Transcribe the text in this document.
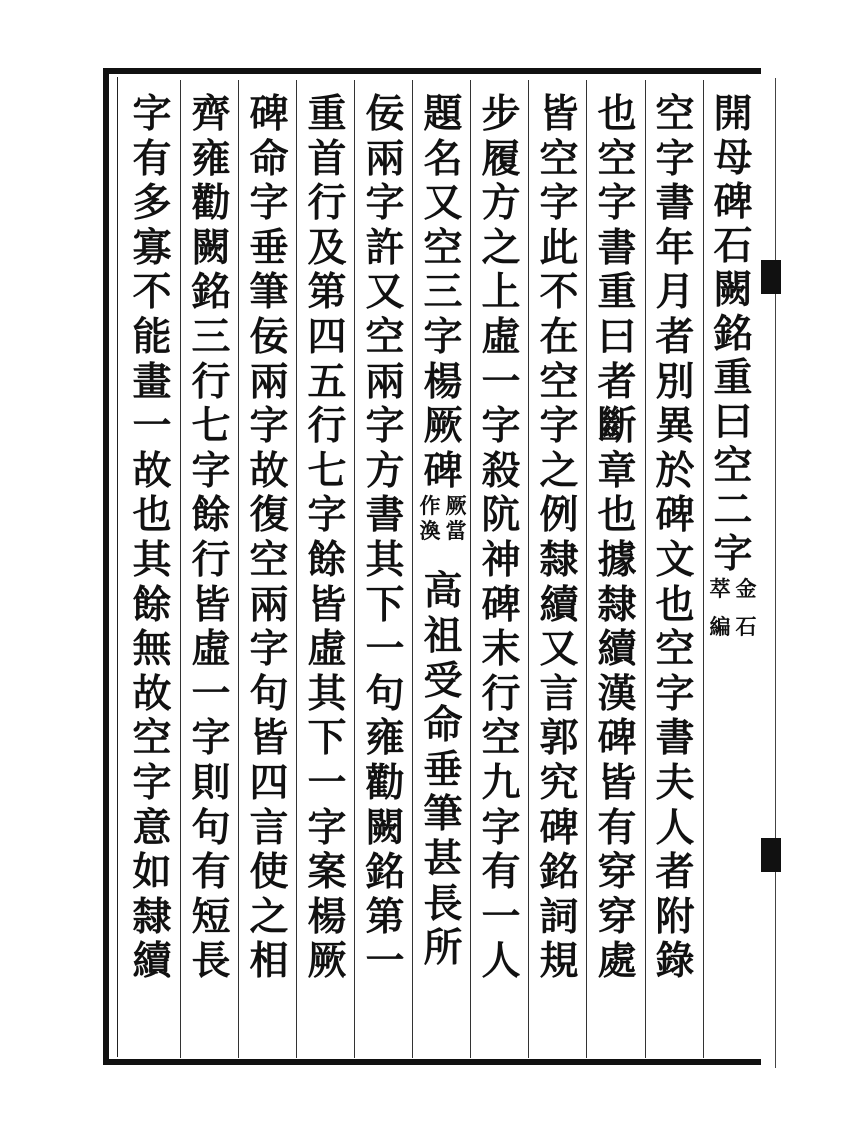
開
母
碑
石
闕
銘
重
曰
空
二
字
金
石
萃
編
空
字
書
年
月
者
別
異
於
碑
文
也
空
字
書
夫
人
者
附
錄
也
空
字
書
重
曰
者
斷
章
也
據
隸
續
漢
碑
皆
有
穿
穿
處
皆
空
字
此
不
在
空
字
之
例
隸
續
又
言
郭
究
碑
銘
詞
規
步
履
方
之
上
虛
一
字
殺
阬
神
碑
末
行
空
九
字
有
一
人
題
名
又
空
三
字
楊
厥
碑
厥
當
作
渙
高
祖
受
命
垂
筆
甚
長
所
佞
兩
字
許
又
空
兩
字
方
書
其
下
一
句
雍
勸
闕
銘
第
一
重
首
行
及
第
四
五
行
七
字
餘
皆
虛
其
下
一
字
案
楊
厥
碑
命
字
垂
筆
佞
兩
字
故
復
空
兩
字
句
皆
四
言
使
之
相
齊
雍
勸
闕
銘
三
行
七
字
餘
行
皆
虛
一
字
則
句
有
短
長
字
有
多
寡
不
能
畫
一
故
也
其
餘
無
故
空
字
意
如
隸
續
